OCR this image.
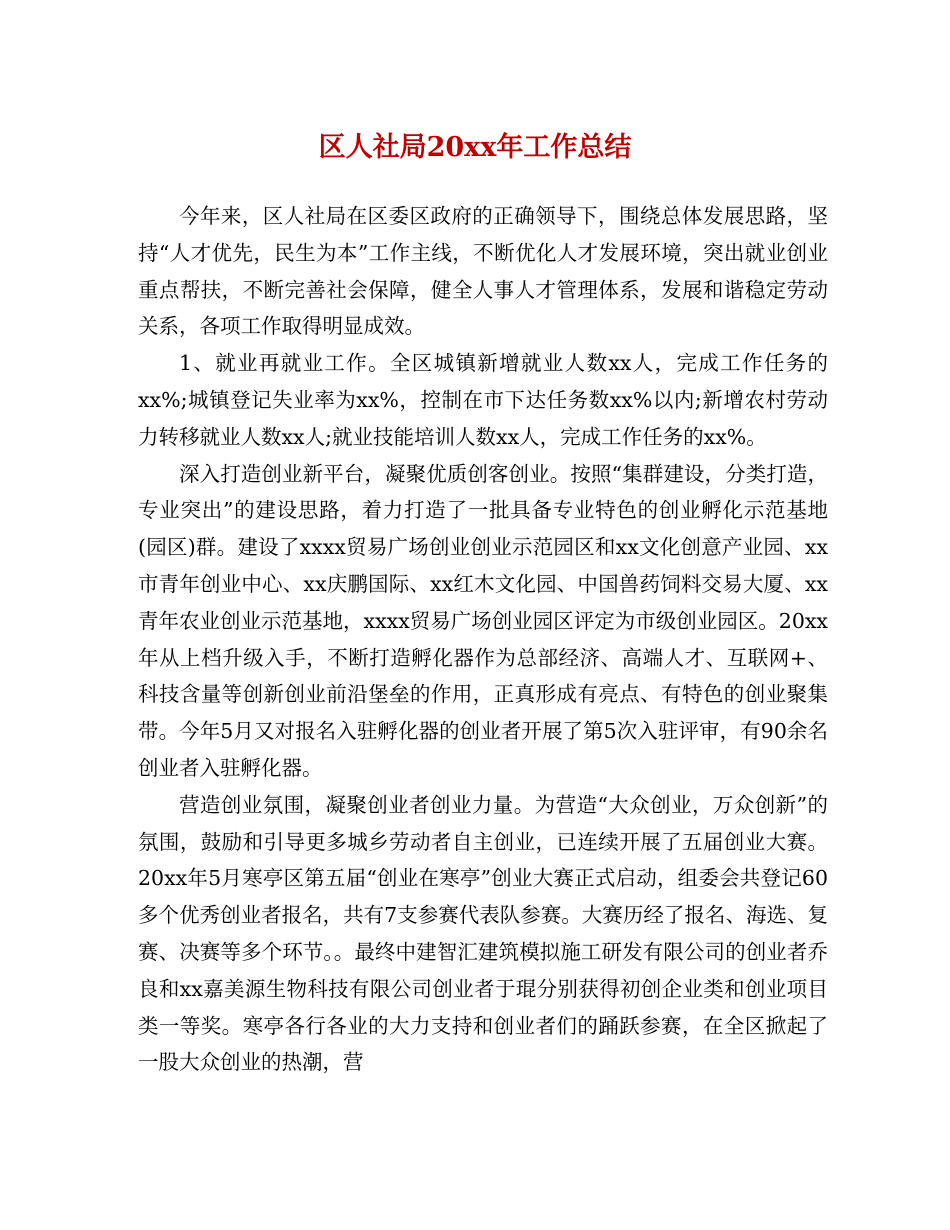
区人社局20xx年工作总结

今年来，区人社局在区委区政府的正确领导下，围绕总体发展思路，坚持“人才优先，民生为本”工作主线，不断优化人才发展环境，突出就业创业重点帮扶，不断完善社会保障，健全人事人才管理体系，发展和谐稳定劳动关系，各项工作取得明显成效。

1、就业再就业工作。全区城镇新增就业人数xx人，完成工作任务的xx%;城镇登记失业率为xx%，控制在市下达任务数xx%以内;新增农村劳动力转移就业人数xx人;就业技能培训人数xx人，完成工作任务的xx%。

深入打造创业新平台，凝聚优质创客创业。按照“集群建设，分类打造，专业突出”的建设思路，着力打造了一批具备专业特色的创业孵化示范基地(园区)群。建设了xxxx贸易广场创业创业示范园区和xx文化创意产业园、xx市青年创业中心、xx庆鹏国际、xx红木文化园、中国兽药饲料交易大厦、xx青年农业创业示范基地，xxxx贸易广场创业园区评定为市级创业园区。20xx年从上档升级入手，不断打造孵化器作为总部经济、高端人才、互联网+、科技含量等创新创业前沿堡垒的作用，正真形成有亮点、有特色的创业聚集带。今年5月又对报名入驻孵化器的创业者开展了第5次入驻评审，有90余名创业者入驻孵化器。

营造创业氛围，凝聚创业者创业力量。为营造“大众创业，万众创新”的氛围，鼓励和引导更多城乡劳动者自主创业，已连续开展了五届创业大赛。20xx年5月寒亭区第五届“创业在寒亭”创业大赛正式启动，组委会共登记60多个优秀创业者报名，共有7支参赛代表队参赛。大赛历经了报名、海选、复赛、决赛等多个环节。。最终中建智汇建筑模拟施工研发有限公司的创业者乔良和xx嘉美源生物科技有限公司创业者于琨分别获得初创企业类和创业项目类一等奖。寒亭各行各业的大力支持和创业者们的踊跃参赛，在全区掀起了一股大众创业的热潮，营
